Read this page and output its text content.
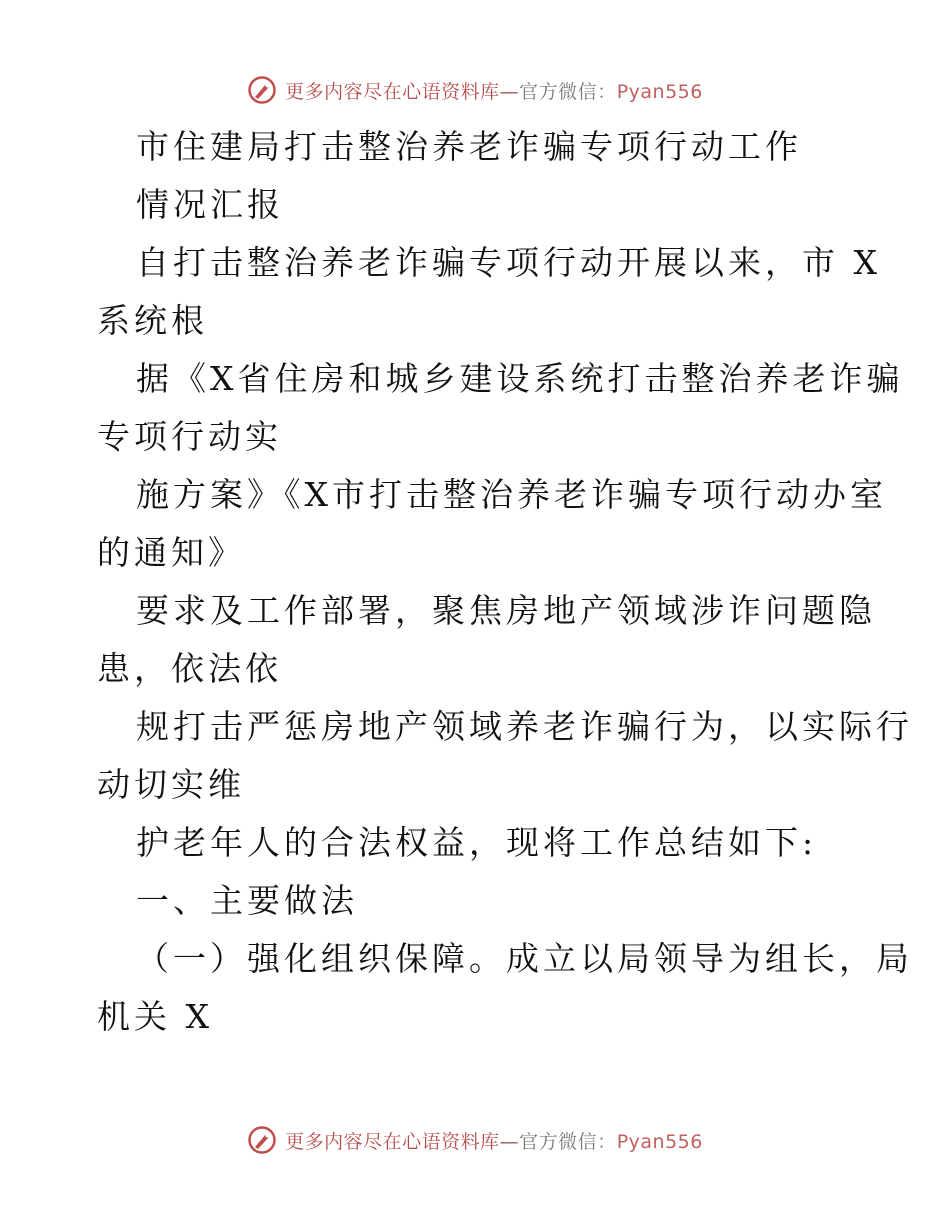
更多内容尽在心语资料库—官方微信：Pyan556
市住建局打击整治养老诈骗专项行动工作
情况汇报
自打击整治养老诈骗专项行动开展以来，市 X
系统根
据《X省住房和城乡建设系统打击整治养老诈骗
专项行动实
施方案》《X市打击整治养老诈骗专项行动办室
的通知》
要求及工作部署，聚焦房地产领域涉诈问题隐
患，依法依
规打击严惩房地产领域养老诈骗行为，以实际行
动切实维
护老年人的合法权益，现将工作总结如下:
一、主要做法
（一）强化组织保障。成立以局领导为组长，局
机关 X
更多内容尽在心语资料库—官方微信：Pyan556
